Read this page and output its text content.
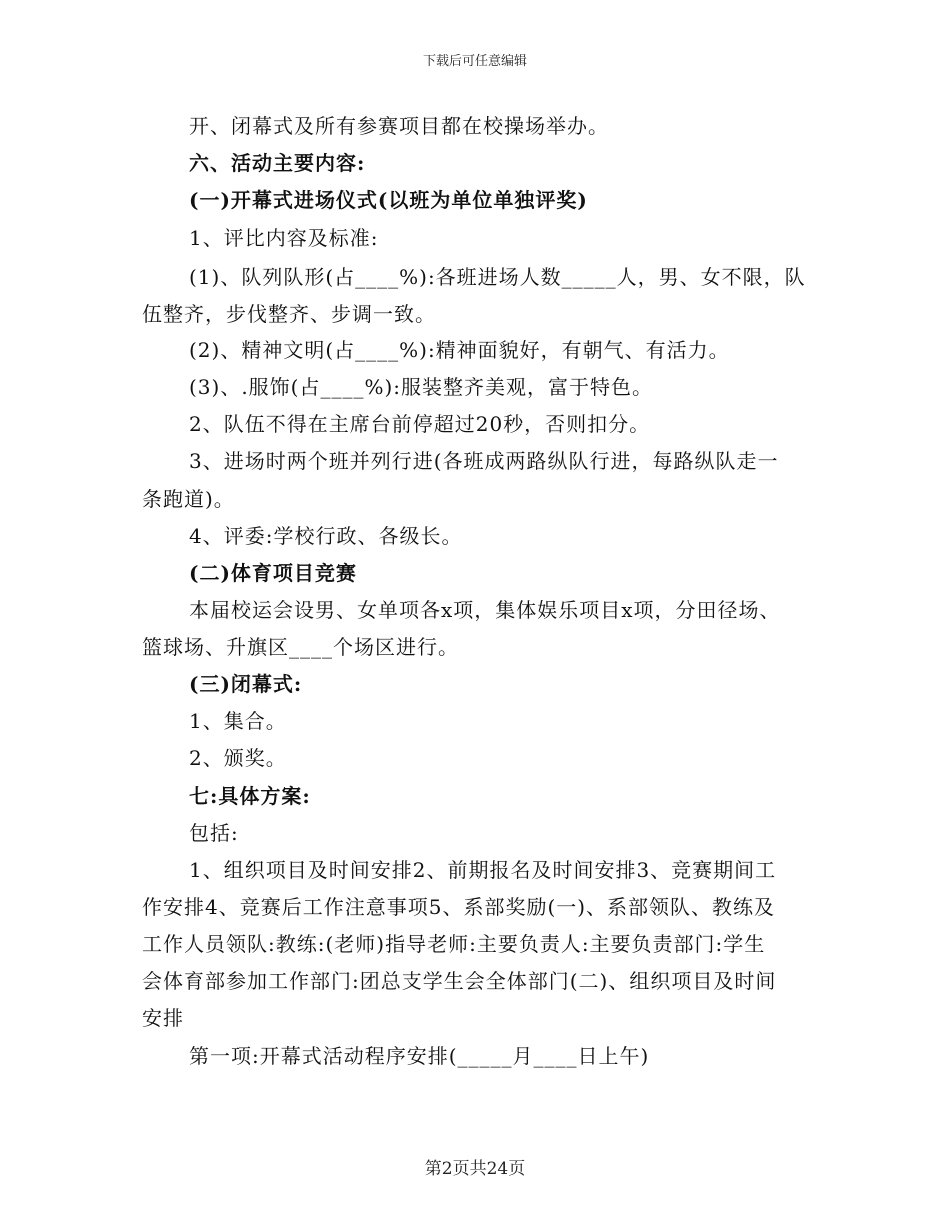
下载后可任意编辑
开、闭幕式及所有参赛项目都在校操场举办。
六、活动主要内容:
(一)开幕式进场仪式(以班为单位单独评奖)
1、评比内容及标准:
(1)、队列队形(占____%):各班进场人数_____人，男、女不限，队
伍整齐，步伐整齐、步调一致。
(2)、精神文明(占____%):精神面貌好，有朝气、有活力。
(3)、.服饰(占____%):服装整齐美观，富于特色。
2、队伍不得在主席台前停超过20秒，否则扣分。
3、进场时两个班并列行进(各班成两路纵队行进，每路纵队走一
条跑道)。
4、评委:学校行政、各级长。
(二)体育项目竞赛
本届校运会设男、女单项各x项，集体娱乐项目x项，分田径场、
篮球场、升旗区____个场区进行。
(三)闭幕式:
1、集合。
2、颁奖。
七:具体方案:
包括:
1、组织项目及时间安排2、前期报名及时间安排3、竞赛期间工
作安排4、竞赛后工作注意事项5、系部奖励(一)、系部领队、教练及
工作人员领队:教练:(老师)指导老师:主要负责人:主要负责部门:学生
会体育部参加工作部门:团总支学生会全体部门(二)、组织项目及时间
安排
第一项:开幕式活动程序安排(_____月____日上午)
第2页共24页
